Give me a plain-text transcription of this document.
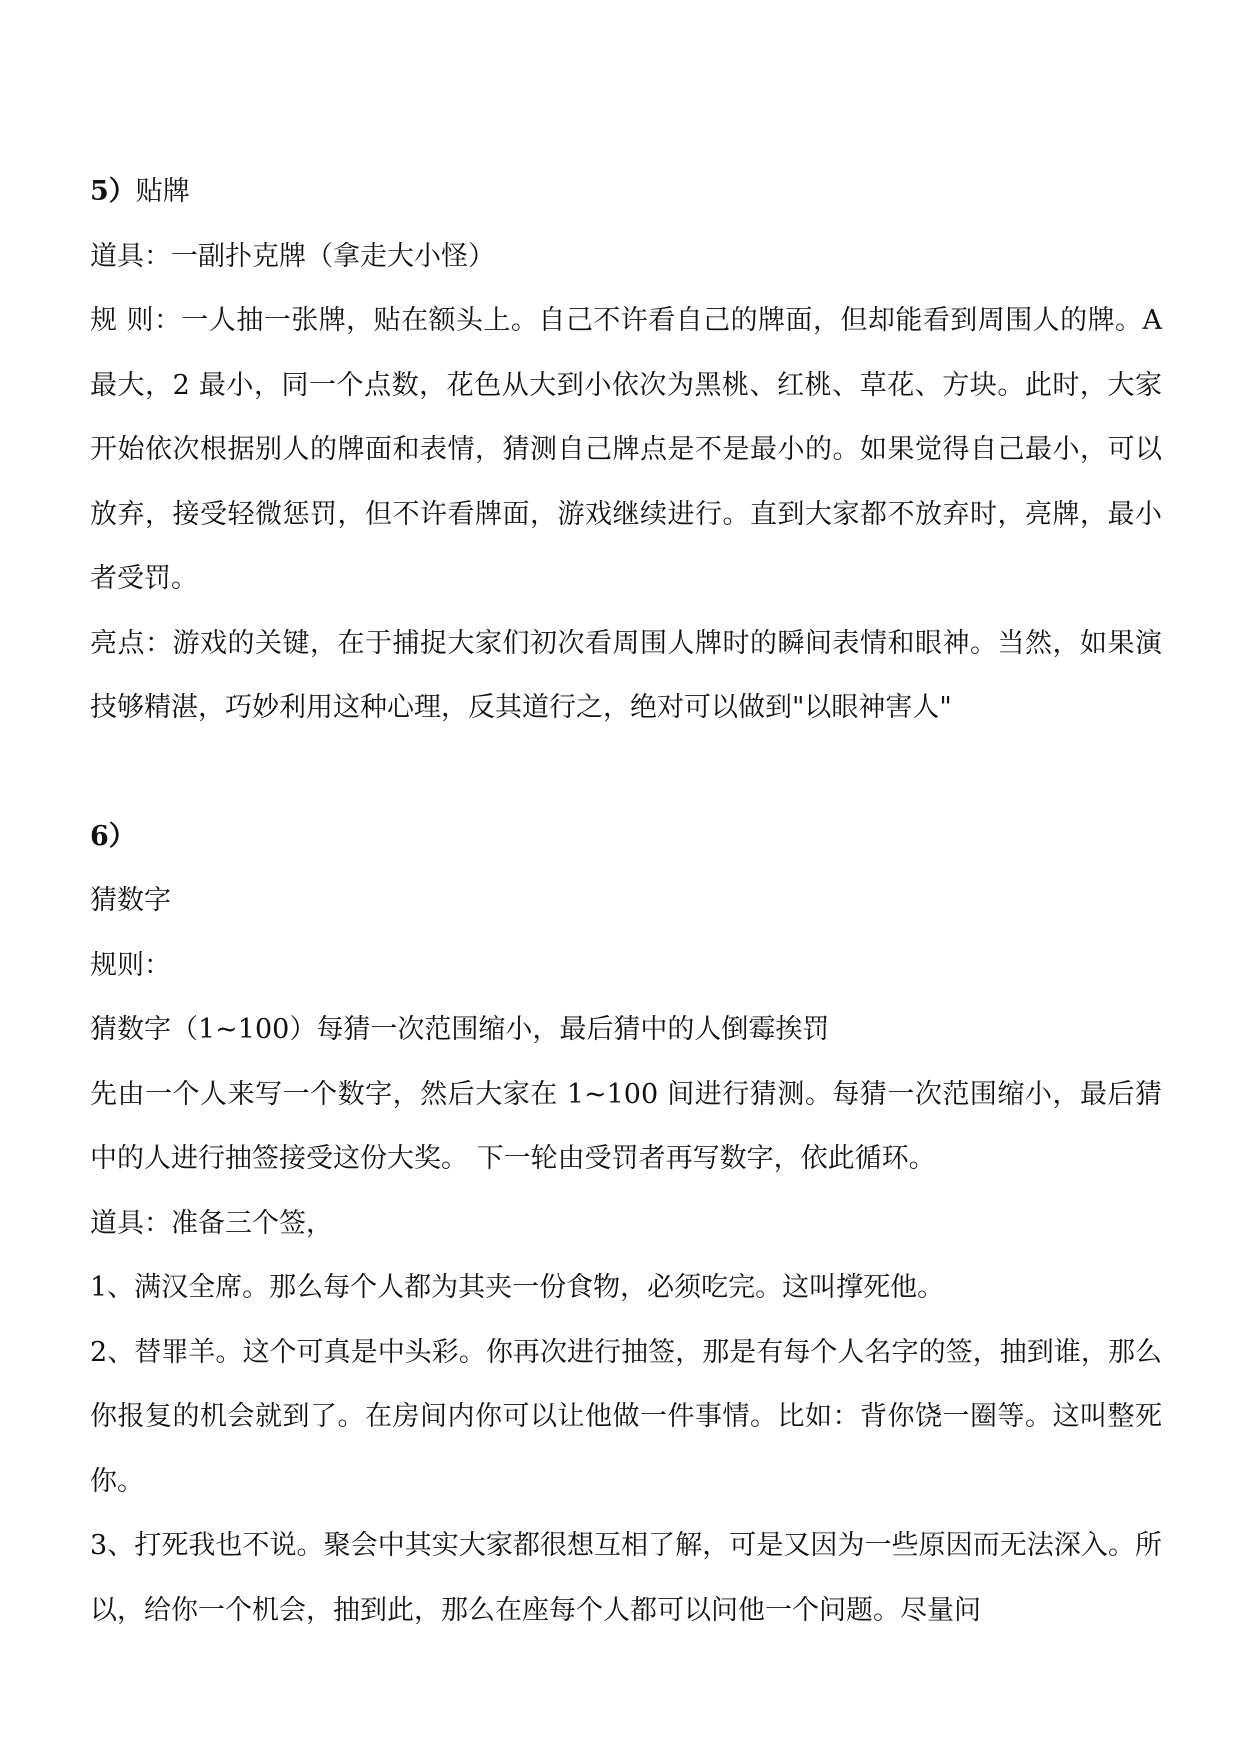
5）贴牌

道具：一副扑克牌（拿走大小怪）

规 则：一人抽一张牌，贴在额头上。自己不许看自己的牌面，但却能看到周围人的牌。A 最大，2 最小，同一个点数，花色从大到小依次为黑桃、红桃、草花、方块。此时，大家开始依次根据别人的牌面和表情，猜测自己牌点是不是最小的。如果觉得自己最小，可以放弃，接受轻微惩罚，但不许看牌面，游戏继续进行。直到大家都不放弃时，亮牌，最小者受罚。

亮点：游戏的关键，在于捕捉大家们初次看周围人牌时的瞬间表情和眼神。当然，如果演技够精湛，巧妙利用这种心理，反其道行之，绝对可以做到"以眼神害人"

6）

猜数字

规则：

猜数字（1~100）每猜一次范围缩小，最后猜中的人倒霉挨罚

先由一个人来写一个数字，然后大家在 1~100 间进行猜测。每猜一次范围缩小，最后猜中的人进行抽签接受这份大奖。 下一轮由受罚者再写数字，依此循环。

道具：准备三个签，

1、满汉全席。那么每个人都为其夹一份食物，必须吃完。这叫撑死他。

2、替罪羊。这个可真是中头彩。你再次进行抽签，那是有每个人名字的签，抽到谁，那么你报复的机会就到了。在房间内你可以让他做一件事情。比如：背你饶一圈等。这叫整死你。

3、打死我也不说。聚会中其实大家都很想互相了解，可是又因为一些原因而无法深入。所以，给你一个机会，抽到此，那么在座每个人都可以问他一个问题。尽量问
